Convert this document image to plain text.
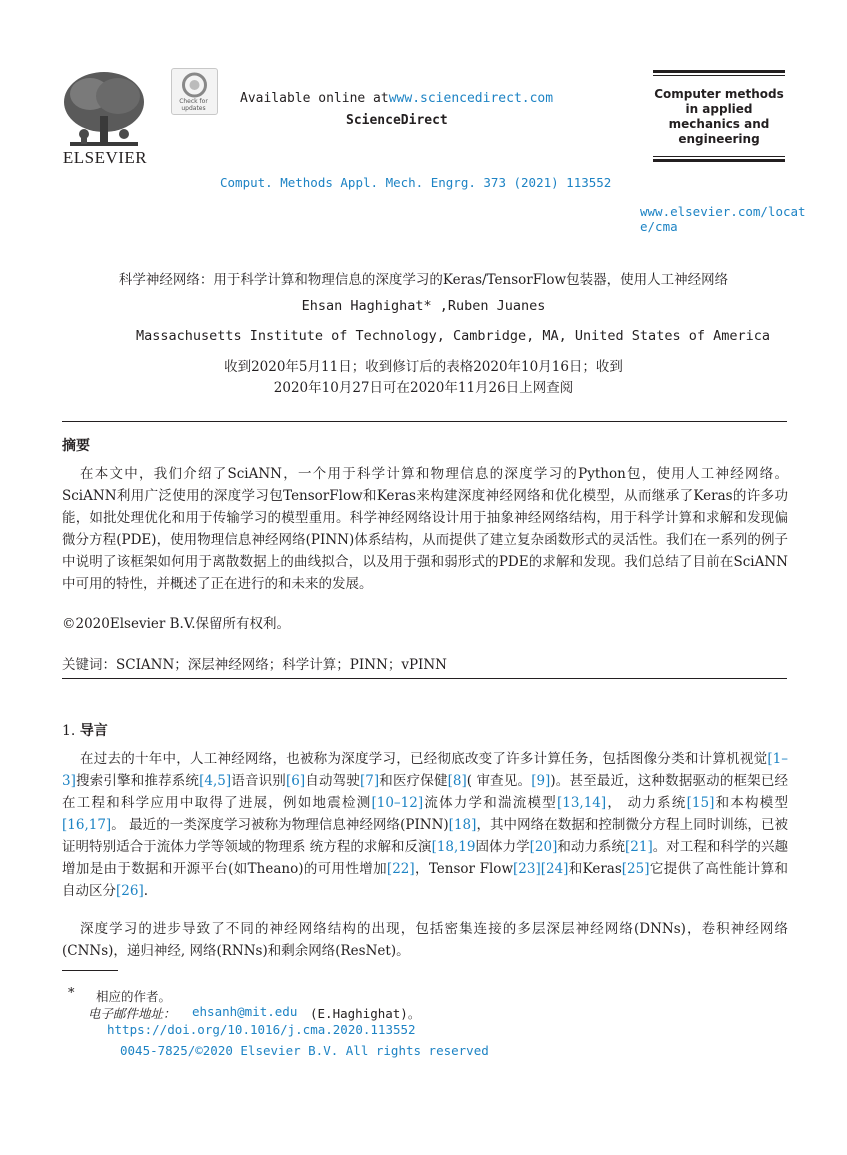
ELSEVIER
Check for updates
Available online atwww.sciencedirect.com
ScienceDirect
Computer methods
in applied
mechanics and
engineering
Comput. Methods Appl. Mech. Engrg. 373 (2021) 113552
www.elsevier.com/locate/cma
科学神经网络：用于科学计算和物理信息的深度学习的Keras/TensorFlow包装器，使用人工神经网络
Ehsan Haghighat* ,Ruben Juanes
Massachusetts Institute of Technology, Cambridge, MA, United States of America
收到2020年5月11日；收到修订后的表格2020年10月16日；收到
2020年10月27日可在2020年11月26日上网查阅
摘要

在本文中，我们介绍了SciANN，一个用于科学计算和物理信息的深度学习的Python包，使用人工神经网络。SciANN利用广泛使用的深度学习包TensorFlow和Keras来构建深度神经网络和优化模型，从而继承了Keras的许多功能，如批处理优化和用于传输学习的模型重用。科学神经网络设计用于抽象神经网络结构，用于科学计算和求解和发现偏微分方程(PDE)，使用物理信息神经网络(PINN)体系结构，从而提供了建立复杂函数形式的灵活性。我们在一系列的例子中说明了该框架如何用于离散数据上的曲线拟合，以及用于强和弱形式的PDE的求解和发现。我们总结了目前在SciANN中可用的特性，并概述了正在进行的和未来的发展。

©2020Elsevier B.V.保留所有权利。
关键词：SCIANN；深层神经网络；科学计算；PINN；vPINN
1. 导言

在过去的十年中，人工神经网络，也被称为深度学习，已经彻底改变了许多计算任务，包括图像分类和计算机视觉[1–3]搜索引擎和推荐系统[4,5]语音识别[6]自动驾驶[7]和医疗保健[8]( 审查见。[9])。甚至最近，这种数据驱动的框架已经在工程和科学应用中取得了进展，例如地震检测[10–12]流体力学和湍流模型[13,14]， 动力系统[15]和本构模型[16,17]。 最近的一类深度学习被称为物理信息神经网络(PINN)[18]，其中网络在数据和控制微分方程上同时训练，已被证明特别适合于流体力学等领域的物理系 统方程的求解和反演[18,19固体力学[20]和动力系统[21]。对工程和科学的兴趣增加是由于数据和开源平台(如Theano)的可用性增加[22]，Tensor Flow[23][24]和Keras[25]它提供了高性能计算和自动区分[26].

深度学习的进步导致了不同的神经网络结构的出现，包括密集连接的多层深层神经网络(DNNs)，卷积神经网络(CNNs)，递归神经, 网络(RNNs)和剩余网络(ResNet)。

* 相应的作者。
电子邮件地址： ehsanh@mit.edu (E.Haghighat)。
https://doi.org/10.1016/j.cma.2020.113552
0045-7825/©2020 Elsevier B.V. All rights reserved
